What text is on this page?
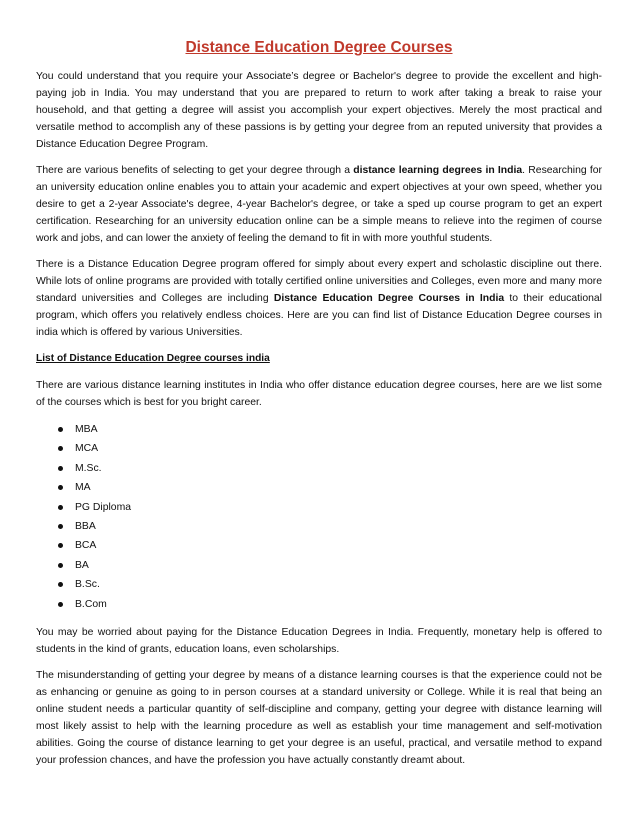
Distance Education Degree Courses

You could understand that you require your Associate’s degree or Bachelor's degree to provide the excellent and high-paying job in India. You may understand that you are prepared to return to work after taking a break to raise your household, and that getting a degree will assist you accomplish your expert objectives. Merely the most practical and versatile method to accomplish any of these passions is by getting your degree from an reputed university that provides a Distance Education Degree Program.

There are various benefits of selecting to get your degree through a distance learning degrees in India. Researching for an university education online enables you to attain your academic and expert objectives at your own speed, whether you desire to get a 2-year Associate's degree, 4-year Bachelor's degree, or take a sped up course program to get an expert certification. Researching for an university education online can be a simple means to relieve into the regimen of course work and jobs, and can lower the anxiety of feeling the demand to fit in with more youthful students.

There is a Distance Education Degree program offered for simply about every expert and scholastic discipline out there. While lots of online programs are provided with totally certified online universities and Colleges, even more and many more standard universities and Colleges are including Distance Education Degree Courses in India to their educational program, which offers you relatively endless choices. Here are you can find list of Distance Education Degree courses in india which is offered by various Universities.

List of Distance Education Degree courses india

There are various distance learning institutes in India who offer distance education degree courses, here are we list some of the courses which is best for you bright career.

MBA
MCA
M.Sc.
MA
PG Diploma
BBA
BCA
BA
B.Sc.
B.Com

You may be worried about paying for the Distance Education Degrees in India. Frequently, monetary help is offered to students in the kind of grants, education loans, even scholarships.

The misunderstanding of getting your degree by means of a distance learning courses is that the experience could not be as enhancing or genuine as going to in person courses at a standard university or College. While it is real that being an online student needs a particular quantity of self-discipline and company, getting your degree with distance learning will most likely assist to help with the learning procedure as well as establish your time management and self-motivation abilities. Going the course of distance learning to get your degree is an useful, practical, and versatile method to expand your profession chances, and have the profession you have actually constantly dreamt about.
